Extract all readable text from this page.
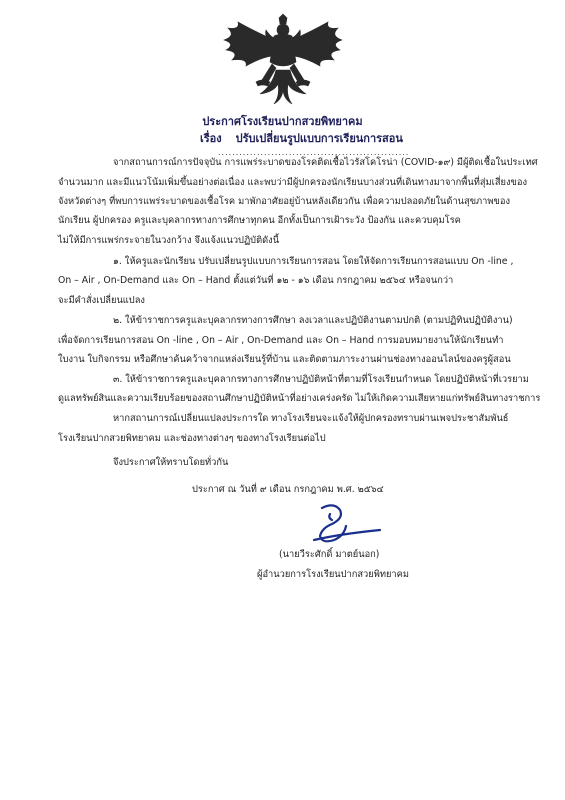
ประกาศโรงเรียนปากสวยพิทยาคม
เรื่อง ปรับเปลี่ยนรูปแบบการเรียนการสอน
......................................................
จากสถานการณ์การปัจจุบัน การแพร่ระบาดของโรคติดเชื้อไวรัสโคโรน่า (COVID-๑๙) มีผู้ติดเชื้อในประเทศ
จำนวนมาก และมีแนวโน้มเพิ่มขึ้นอย่างต่อเนื่อง และพบว่ามีผู้ปกครองนักเรียนบางส่วนที่เดินทางมาจากพื้นที่สุ่มเสี่ยงของ
จังหวัดต่างๆ ที่พบการแพร่ระบาดของเชื้อโรค มาพักอาศัยอยู่บ้านหลังเดียวกัน เพื่อความปลอดภัยในด้านสุขภาพของ
นักเรียน ผู้ปกครอง ครูและบุคลากรทางการศึกษาทุกคน อีกทั้งเป็นการเฝ้าระวัง ป้องกัน และควบคุมโรค
ไม่ให้มีการแพร่กระจายในวงกว้าง จึงแจ้งแนวปฏิบัติดังนี้
๑. ให้ครูและนักเรียน ปรับเปลี่ยนรูปแบบการเรียนการสอน โดยให้จัดการเรียนการสอนแบบ On -line ,
On – Air , On-Demand และ On – Hand ตั้งแต่วันที่ ๑๒ - ๑๖ เดือน กรกฎาคม ๒๕๖๔ หรือจนกว่า
จะมีคำสั่งเปลี่ยนแปลง
๒. ให้ข้าราชการครูและบุคลากรทางการศึกษา ลงเวลาและปฏิบัติงานตามปกติ (ตามปฏิทินปฏิบัติงาน)
เพื่อจัดการเรียนการสอน On -line , On – Air , On-Demand และ On – Hand การมอบหมายงานให้นักเรียนทำ
ใบงาน ใบกิจกรรม หรือศึกษาค้นคว้าจากแหล่งเรียนรู้ที่บ้าน และติดตามภาระงานผ่านช่องทางออนไลน์ของครูผู้สอน
๓. ให้ข้าราชการครูและบุคลากรทางการศึกษาปฏิบัติหน้าที่ตามที่โรงเรียนกำหนด โดยปฏิบัติหน้าที่เวรยาม
ดูแลทรัพย์สินและความเรียบร้อยของสถานศึกษาปฏิบัติหน้าที่อย่างเคร่งครัด ไม่ให้เกิดความเสียหายแก่ทรัพย์สินทางราชการ
หากสถานการณ์เปลี่ยนแปลงประการใด ทางโรงเรียนจะแจ้งให้ผู้ปกครองทราบผ่านเพจประชาสัมพันธ์
โรงเรียนปากสวยพิทยาคม และช่องทางต่างๆ ของทางโรงเรียนต่อไป
จึงประกาศให้ทราบโดยทั่วกัน
ประกาศ ณ วันที่ ๙ เดือน กรกฎาคม พ.ศ. ๒๕๖๔
(นายวีระศักดิ์ มาตย์นอก)
ผู้อำนวยการโรงเรียนปากสวยพิทยาคม
